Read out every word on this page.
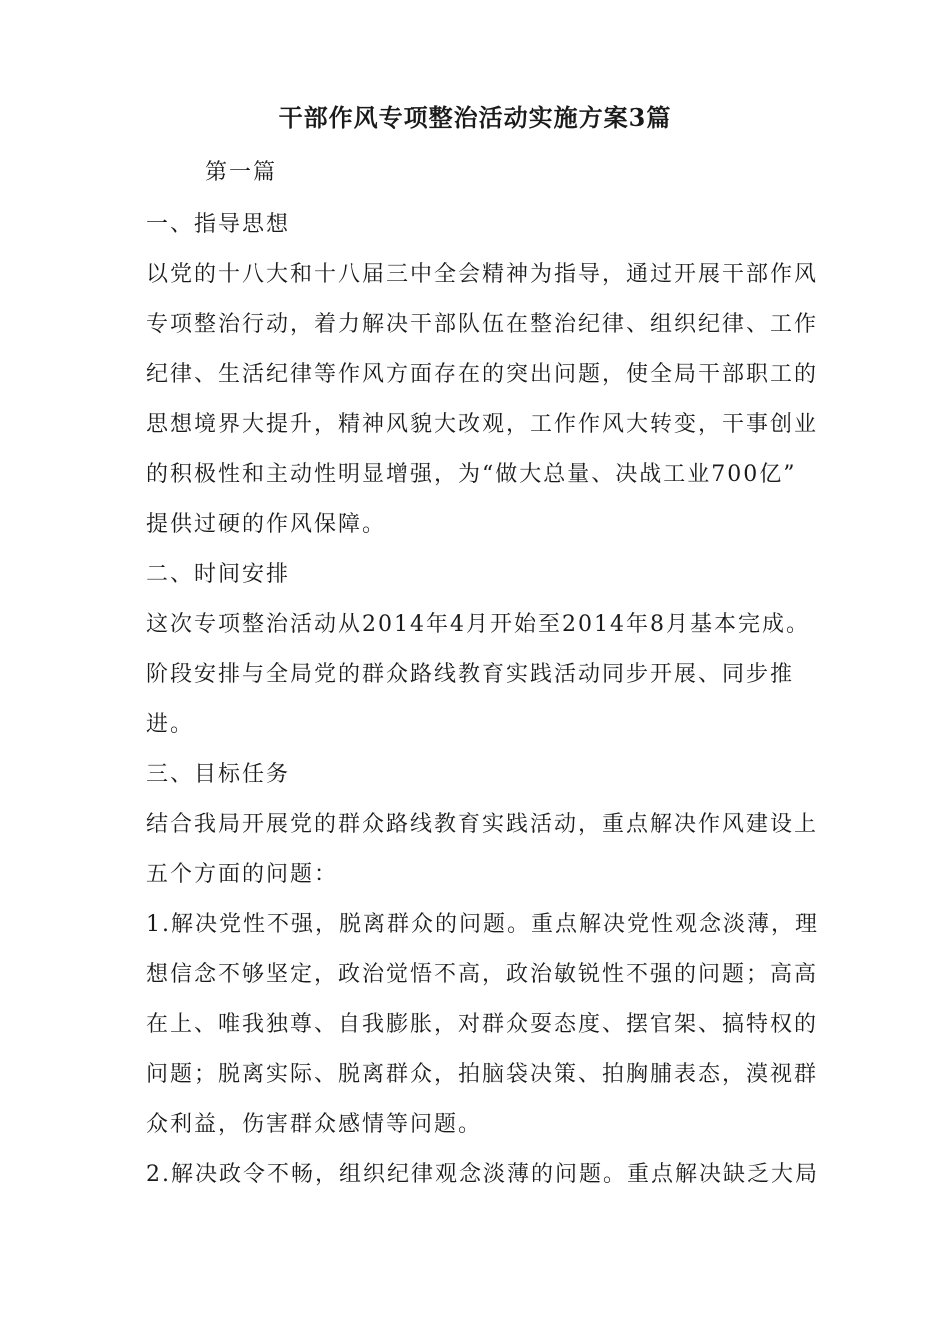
干部作风专项整治活动实施方案3篇
第一篇
一、指导思想
以党的十八大和十八届三中全会精神为指导，通过开展干部作风
专项整治行动，着力解决干部队伍在整治纪律、组织纪律、工作
纪律、生活纪律等作风方面存在的突出问题，使全局干部职工的
思想境界大提升，精神风貌大改观，工作作风大转变，干事创业
的积极性和主动性明显增强，为“做大总量、决战工业700亿”
提供过硬的作风保障。
二、时间安排
这次专项整治活动从2014年4月开始至2014年8月基本完成。
阶段安排与全局党的群众路线教育实践活动同步开展、同步推
进。
三、目标任务
结合我局开展党的群众路线教育实践活动，重点解决作风建设上
五个方面的问题：
1.解决党性不强，脱离群众的问题。重点解决党性观念淡薄，理
想信念不够坚定，政治觉悟不高，政治敏锐性不强的问题；高高
在上、唯我独尊、自我膨胀，对群众耍态度、摆官架、搞特权的
问题；脱离实际、脱离群众，拍脑袋决策、拍胸脯表态，漠视群
众利益，伤害群众感情等问题。
2.解决政令不畅，组织纪律观念淡薄的问题。重点解决缺乏大局
